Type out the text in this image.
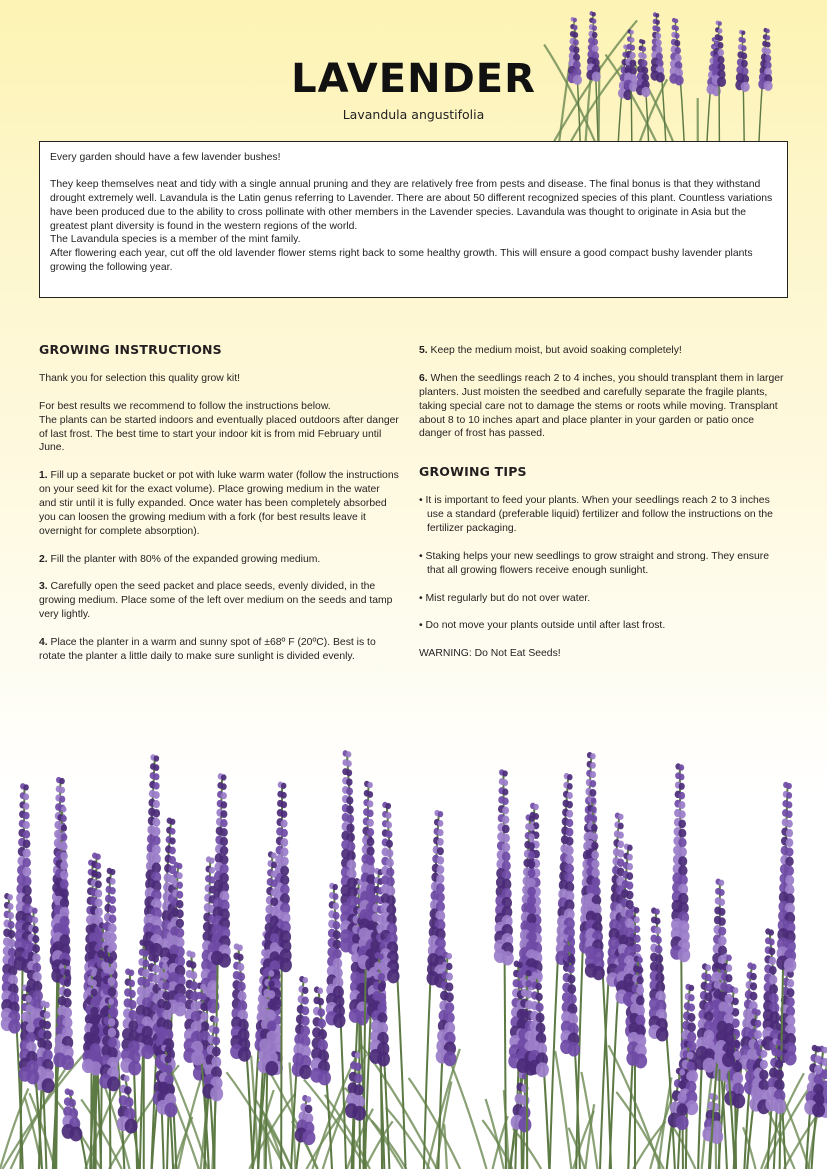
LAVENDER
Lavandula angustifolia

Every garden should have a few lavender bushes!

They keep themselves neat and tidy with a single annual pruning and they are relatively free from pests and disease. The final bonus is that they withstand drought extremely well. Lavandula is the Latin genus referring to Lavender. There are about 50 different recognized species of this plant. Countless variations have been produced due to the ability to cross pollinate with other members in the Lavender species. Lavandula was thought to originate in Asia but the greatest plant diversity is found in the western regions of the world.

The Lavandula species is a member of the mint family.

After flowering each year, cut off the old lavender flower stems right back to some healthy growth. This will ensure a good compact bushy lavender plants growing the following year.

GROWING INSTRUCTIONS
Thank you for selection this quality grow kit!
For best results we recommend to follow the instructions below.
The plants can be started indoors and eventually placed outdoors after danger of last frost. The best time to start your indoor kit is from mid February until June.
1. Fill up a separate bucket or pot with luke warm water (follow the instructions on your seed kit for the exact volume). Place growing medium in the water and stir until it is fully expanded. Once water has been completely absorbed you can loosen the growing medium with a fork (for best results leave it overnight for complete absorption).
2. Fill the planter with 80% of the expanded growing medium.
3. Carefully open the seed packet and place seeds, evenly divided, in the growing medium. Place some of the left over medium on the seeds and tamp very lightly.
4. Place the planter in a warm and sunny spot of ±68º F (20ºC). Best is to rotate the planter a little daily to make sure sunlight is divided evenly.
5. Keep the medium moist, but avoid soaking completely!
6. When the seedlings reach 2 to 4 inches, you should transplant them in larger planters. Just moisten the seedbed and carefully separate the fragile plants, taking special care not to damage the stems or roots while moving. Transplant about 8 to 10 inches apart and place planter in your garden or patio once danger of frost has passed.
GROWING TIPS
• It is important to feed your plants. When your seedlings reach 2 to 3 inches use a standard (preferable liquid) fertilizer and follow the instructions on the fertilizer packaging.
• Staking helps your new seedlings to grow straight and strong. They ensure that all growing flowers receive enough sunlight.
• Mist regularly but do not over water.
• Do not move your plants outside until after last frost.
WARNING: Do Not Eat Seeds!
